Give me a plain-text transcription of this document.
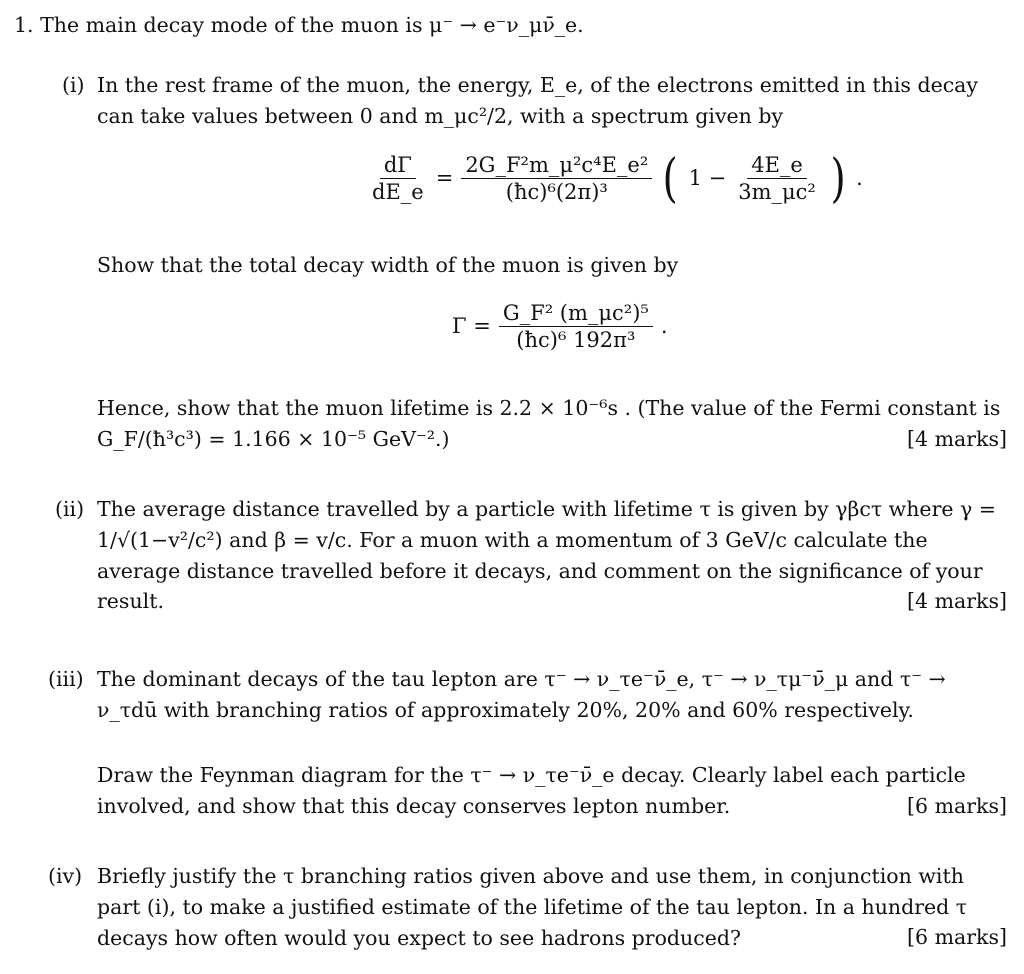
1. The main decay mode of the muon is μ⁻ → e⁻ν_μν̄_e.
(i) In the rest frame of the muon, the energy, E_e, of the electrons emitted in this decay can take values between 0 and m_μc²/2, with a spectrum given by

$\frac{d\Gamma}{dE\_e} = \frac{\text{2G\_F²m\_μ²c⁴E\_e²}}{\text{(ħc)⁶(2π)³}}$ ( $1 - \frac{4E\_e}{\text{3m\_μc²}}$ ) .

Show that the total decay width of the muon is given by

$\Gamma = \frac{\text{G\_F² (m\_μc²)⁵}}{\text{(ħc)⁶ 192π³}}$ .

Hence, show that the muon lifetime is 2.2 × 10⁻⁶s . (The value of the Fermi constant is G_F/(ħ³c³) = 1.166 × 10⁻⁵ GeV⁻².)	[4 marks]

(ii) The average distance travelled by a particle with lifetime τ is given by γβcτ where γ = 1/√(1−v²/c²) and β = v/c. For a muon with a momentum of 3 GeV/c calculate the average distance travelled before it decays, and comment on the significance of your result.	[4 marks]

(iii) The dominant decays of the tau lepton are τ⁻ → ν_τe⁻ν̄_e, τ⁻ → ν_τμ⁻ν̄_μ and τ⁻ → ν_τdū with branching ratios of approximately 20%, 20% and 60% respectively.

Draw the Feynman diagram for the τ⁻ → ν_τe⁻ν̄_e decay. Clearly label each particle involved, and show that this decay conserves lepton number.	[6 marks]

(iv) Briefly justify the τ branching ratios given above and use them, in conjunction with part (i), to make a justified estimate of the lifetime of the tau lepton. In a hundred τ decays how often would you expect to see hadrons produced?	[6 marks]
